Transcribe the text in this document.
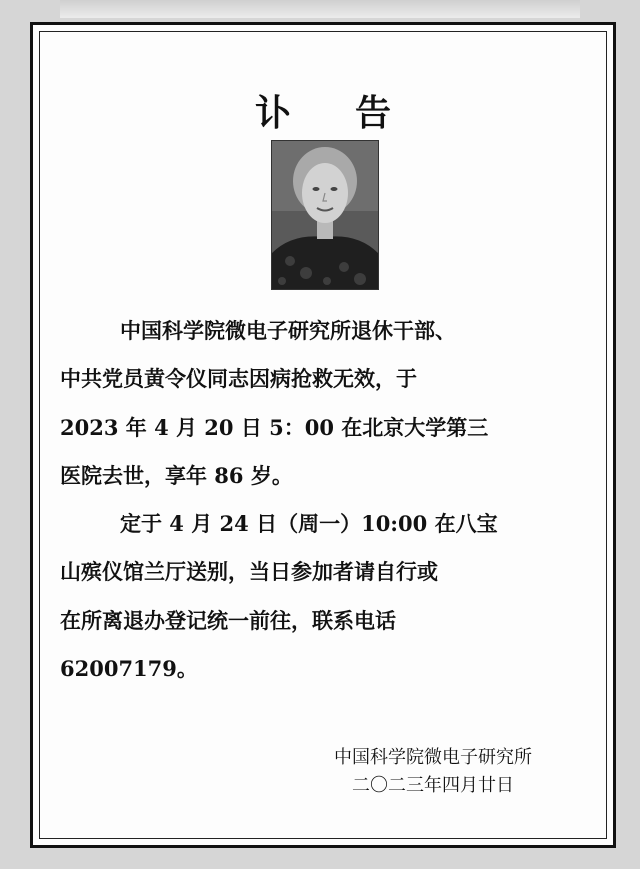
讣告
中国科学院微电子研究所退休干部、
中共党员黄令仪同志因病抢救无效，于
2023 年 4 月 20 日 5：00 在北京大学第三
医院去世，享年 86 岁。
定于 4 月 24 日（周一）10:00 在八宝
山殡仪馆兰厅送别，当日参加者请自行或
在所离退办登记统一前往，联系电话
62007179。
中国科学院微电子研究所
二〇二三年四月廿日
